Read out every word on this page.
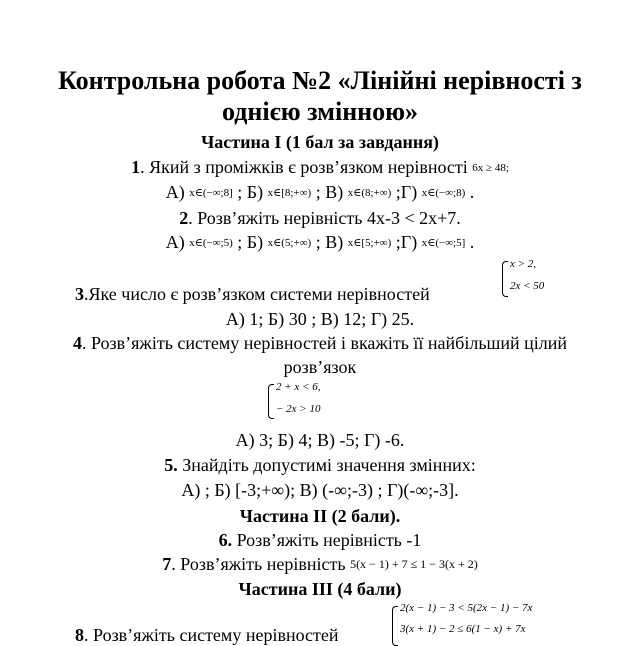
Контрольна робота №2 «Лінійні нерівності з
однією змінною»
Частина І (1 бал за завдання)
1. Який з проміжків є розв’язком нерівності 6x ≥ 48;
А) x∈(−∞;8] ; Б) x∈[8;+∞) ; В) x∈(8;+∞) ;Г) x∈(−∞;8) .
2. Розв’яжіть нерівність 4х-3 < 2х+7.
А) x∈(−∞;5) ; Б) x∈(5;+∞) ; В) x∈[5;+∞) ;Г) x∈(−∞;5] .
3.Яке число є розв’язком системи нерівностей
x > 2,
2x < 50
А) 1; Б) 30 ; В) 12; Г) 25.
4. Розв’яжіть систему нерівностей і вкажіть її найбільший цілий
розв’язок
2 + x < 6,
− 2x > 10
А) 3; Б) 4; В) -5; Г) -6.
5. Знайдіть допустимі значення змінних:
А) ; Б) [-3;+∞); В) (-∞;-3) ; Г)(-∞;-3].
Частина ІІ (2 бали).
6. Розв’яжіть нерівність -1
7. Розв’яжіть нерівність 5(x − 1) + 7 ≤ 1 − 3(x + 2)
Частина ІІІ (4 бали)
8. Розв’яжіть систему нерівностей
2(x − 1) − 3 < 5(2x − 1) − 7x
3(x + 1) − 2 ≤ 6(1 − x) + 7x
